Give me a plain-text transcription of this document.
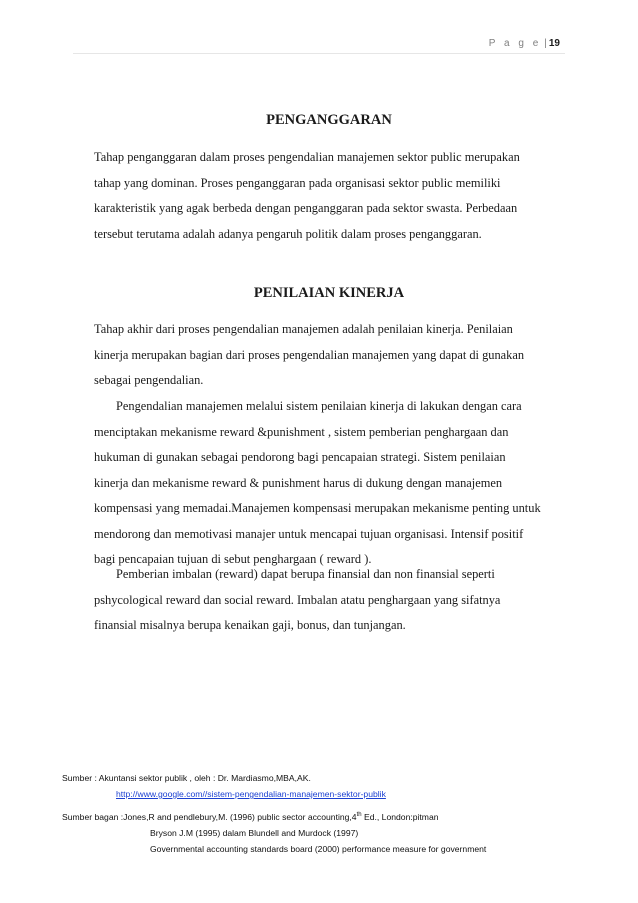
P a g e | 19
PENGANGGARAN

Tahap penganggaran dalam proses pengendalian manajemen sektor public merupakan
tahap yang dominan. Proses penganggaran pada organisasi sektor public memiliki
karakteristik yang agak berbeda dengan penganggaran pada sektor swasta. Perbedaan
tersebut terutama adalah adanya pengaruh politik dalam proses penganggaran.

PENILAIAN KINERJA

Tahap akhir dari proses pengendalian manajemen adalah penilaian kinerja. Penilaian
kinerja merupakan bagian dari proses pengendalian manajemen yang dapat di gunakan
sebagai pengendalian.

Pengendalian manajemen melalui sistem penilaian kinerja di lakukan dengan cara
menciptakan mekanisme reward &punishment , sistem pemberian penghargaan dan
hukuman di gunakan sebagai pendorong bagi pencapaian strategi. Sistem penilaian
kinerja dan mekanisme reward & punishment harus di dukung dengan manajemen
kompensasi yang memadai.Manajemen kompensasi merupakan mekanisme penting untuk
mendorong dan memotivasi manajer untuk mencapai tujuan organisasi. Intensif positif
bagi pencapaian tujuan di sebut penghargaan ( reward ).

Pemberian imbalan (reward) dapat berupa finansial dan non finansial seperti
pshycological reward dan social reward. Imbalan atatu penghargaan yang sifatnya
finansial misalnya berupa kenaikan gaji, bonus, dan tunjangan.

Sumber : Akuntansi sektor publik , oleh : Dr. Mardiasmo,MBA,AK.
http://www.google.com//sistem-pengendalian-manajemen-sektor-publik
Sumber bagan :Jones,R and pendlebury,M. (1996) public sector accounting,4th Ed., London:pitman
Bryson J.M (1995) dalam Blundell and Murdock (1997)
Governmental accounting standards board (2000) performance measure for government
